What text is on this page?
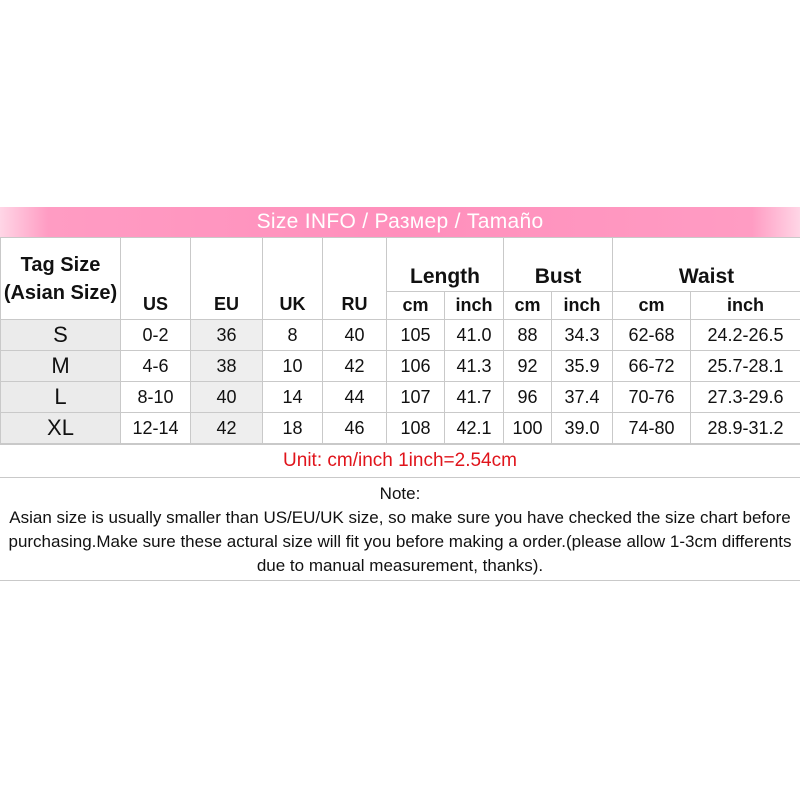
Size INFO / Размер / Tamaño
Tag Size (Asian Size)	US	EU	UK	RU	Length		Bust		Waist	
					cm	inch	cm	inch	cm	inch
S	0-2	36	8	40	105	41.0	88	34.3	62-68	24.2-26.5
M	4-6	38	10	42	106	41.3	92	35.9	66-72	25.7-28.1
L	8-10	40	14	44	107	41.7	96	37.4	70-76	27.3-29.6
XL	12-14	42	18	46	108	42.1	100	39.0	74-80	28.9-31.2
Unit: cm/inch 1inch=2.54cm
Note:
Asian size is usually smaller than US/EU/UK size, so make sure you have checked the size chart before purchasing.Make sure these actural size will fit you before making a order.(please allow 1-3cm differents due to manual measurement, thanks).
